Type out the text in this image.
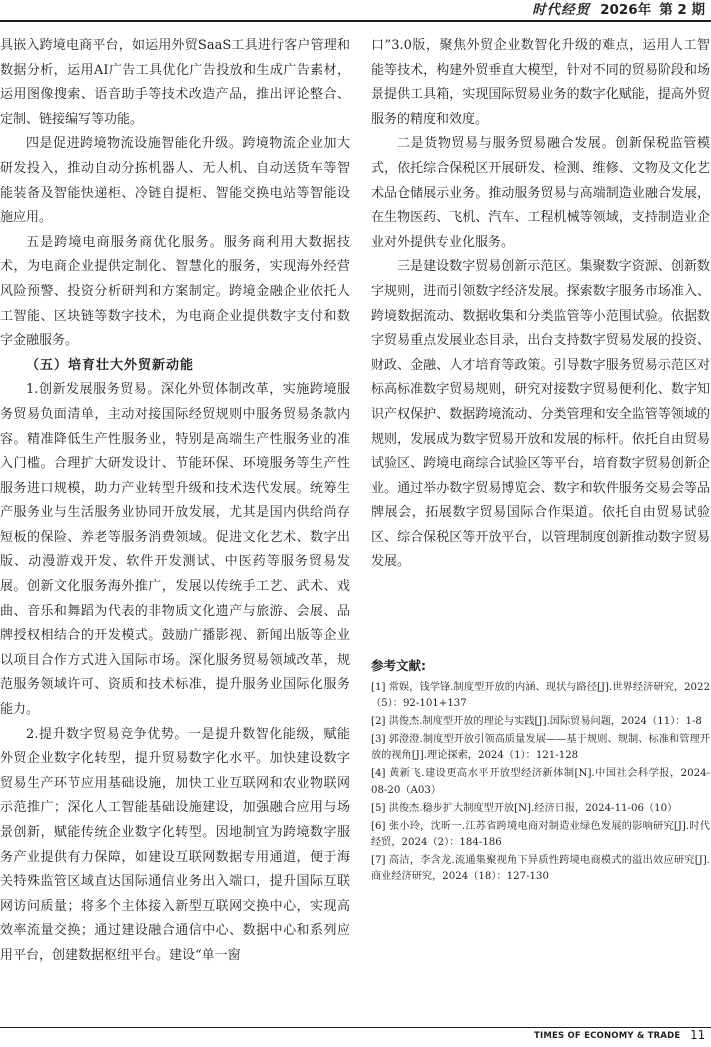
时代经贸 2026年 第 2 期

具嵌入跨境电商平台，如运用外贸SaaS工具进行客户管理和数据分析，运用AI广告工具优化广告投放和生成广告素材，运用图像搜索、语音助手等技术改造产品，推出评论整合、定制、链接编写等功能。

四是促进跨境物流设施智能化升级。跨境物流企业加大研发投入，推动自动分拣机器人、无人机、自动送货车等智能装备及智能快递柜、冷链自提柜、智能交换电站等智能设施应用。

五是跨境电商服务商优化服务。服务商利用大数据技术，为电商企业提供定制化、智慧化的服务，实现海外经营风险预警、投资分析研判和方案制定。跨境金融企业依托人工智能、区块链等数字技术，为电商企业提供数字支付和数字金融服务。

（五）培育壮大外贸新动能

1.创新发展服务贸易。深化外贸体制改革，实施跨境服务贸易负面清单，主动对接国际经贸规则中服务贸易条款内容。精准降低生产性服务业，特别是高端生产性服务业的准入门槛。合理扩大研发设计、节能环保、环境服务等生产性服务进口规模，助力产业转型升级和技术迭代发展。统筹生产服务业与生活服务业协同开放发展，尤其是国内供给尚存短板的保险、养老等服务消费领域。促进文化艺术、数字出版、动漫游戏开发、软件开发测试、中医药等服务贸易发展。创新文化服务海外推广，发展以传统手工艺、武术、戏曲、音乐和舞蹈为代表的非物质文化遗产与旅游、会展、品牌授权相结合的开发模式。鼓励广播影视、新闻出版等企业以项目合作方式进入国际市场。深化服务贸易领域改革，规范服务领域许可、资质和技术标准，提升服务业国际化服务能力。

2.提升数字贸易竞争优势。一是提升数智化能级，赋能外贸企业数字化转型，提升贸易数字化水平。加快建设数字贸易生产环节应用基础设施，加快工业互联网和农业物联网示范推广；深化人工智能基础设施建设，加强融合应用与场景创新，赋能传统企业数字化转型。因地制宜为跨境数字服务产业提供有力保障，如建设互联网数据专用通道，便于海关特殊监管区域直达国际通信业务出入端口，提升国际互联网访问质量；将多个主体接入新型互联网交换中心，实现高效率流量交换；通过建设融合通信中心、数据中心和系列应用平台，创建数据枢纽平台。建设“单一窗

口”3.0版，聚焦外贸企业数智化升级的难点，运用人工智能等技术，构建外贸垂直大模型，针对不同的贸易阶段和场景提供工具箱，实现国际贸易业务的数字化赋能，提高外贸服务的精度和效度。

二是货物贸易与服务贸易融合发展。创新保税监管模式，依托综合保税区开展研发、检测、维修、文物及文化艺术品仓储展示业务。推动服务贸易与高端制造业融合发展，在生物医药、飞机、汽车、工程机械等领域，支持制造业企业对外提供专业化服务。

三是建设数字贸易创新示范区。集聚数字资源、创新数字规则，进而引领数字经济发展。探索数字服务市场准入、跨境数据流动、数据收集和分类监管等小范围试验。依据数字贸易重点发展业态目录，出台支持数字贸易发展的投资、财政、金融、人才培育等政策。引导数字服务贸易示范区对标高标准数字贸易规则，研究对接数字贸易便利化、数字知识产权保护、数据跨境流动、分类管理和安全监管等领域的规则，发展成为数字贸易开放和发展的标杆。依托自由贸易试验区、跨境电商综合试验区等平台，培育数字贸易创新企业。通过举办数字贸易博览会、数字和软件服务交易会等品牌展会，拓展数字贸易国际合作渠道。依托自由贸易试验区、综合保税区等开放平台，以管理制度创新推动数字贸易发展。

参考文献:
[1] 常娱，钱学锋.制度型开放的内涵、现状与路径[J].世界经济研究，2022（5）：92-101+137
[2] 洪俊杰.制度型开放的理论与实践[J].国际贸易问题，2024（11）：1-8
[3] 郭澄澄.制度型开放引领高质量发展——基于规则、规制、标准和管理开放的视角[J].理论探索，2024（1）：121-128
[4] 黄新飞.建设更高水平开放型经济新体制[N].中国社会科学报，2024-08-20（A03）
[5] 洪俊杰.稳步扩大制度型开放[N].经济日报，2024-11-06（10）
[6] 张小玲，沈昕一.江苏省跨境电商对制造业绿色发展的影响研究[J].时代经贸，2024（2）：184-186
[7] 高洁，李含龙.流通集聚视角下异质性跨境电商模式的溢出效应研究[J].商业经济研究，2024（18）：127-130
TIMES OF ECONOMY & TRADE 11
